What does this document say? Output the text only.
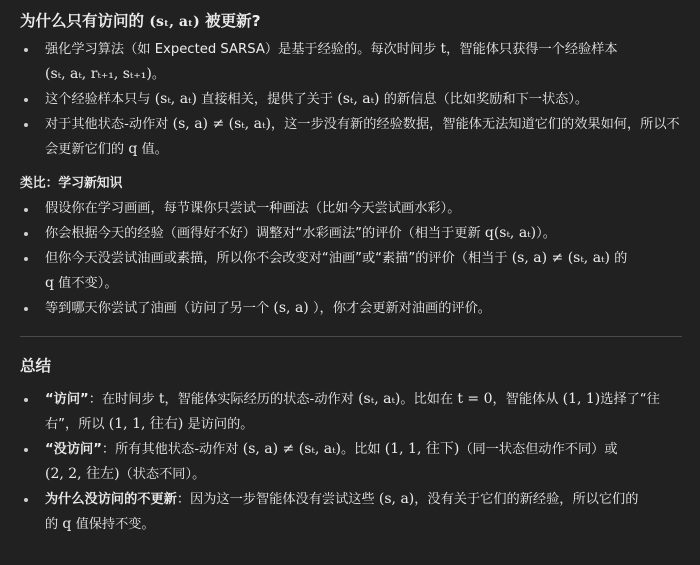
为什么只有访问的 (sₜ, aₜ) 被更新?
强化学习算法（如 Expected SARSA）是基于经验的。每次时间步 t，智能体只获得一个经验样本
(sₜ, aₜ, rₜ₊₁, sₜ₊₁)。
这个经验样本只与 (sₜ, aₜ) 直接相关，提供了关于 (sₜ, aₜ) 的新信息（比如奖励和下一状态）。
对于其他状态-动作对 (s, a) ≠ (sₜ, aₜ)，这一步没有新的经验数据，智能体无法知道它们的效果如何，所以不会更新它们的 q 值。
类比：学习新知识
假设你在学习画画，每节课你只尝试一种画法（比如今天尝试画水彩）。
你会根据今天的经验（画得好不好）调整对“水彩画法”的评价（相当于更新 q(sₜ, aₜ)）。
但你今天没尝试油画或素描，所以你不会改变对“油画”或“素描”的评价（相当于 (s, a) ≠ (sₜ, aₜ) 的
q 值不变）。
等到哪天你尝试了油画（访问了另一个 (s, a) ），你才会更新对油画的评价。
总结
“访问”：在时间步 t，智能体实际经历的状态-动作对 (sₜ, aₜ)。比如在 t = 0，智能体从 (1, 1)选择了“往右”，所以 (1, 1, 往右) 是访问的。
“没访问”：所有其他状态-动作对 (s, a) ≠ (sₜ, aₜ)。比如 (1, 1, 往下)（同一状态但动作不同）或
(2, 2, 往左)（状态不同）。
为什么没访问的不更新：因为这一步智能体没有尝试这些 (s, a)，没有关于它们的新经验，所以它们的
的 q 值保持不变。
